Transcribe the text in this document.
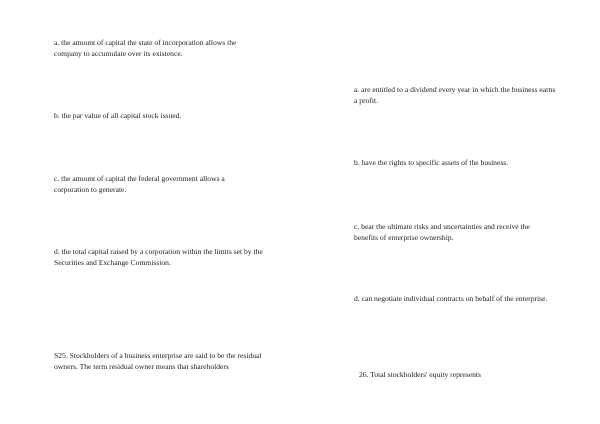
a. the amount of capital the state of incorporation allows the company to accumulate over its existence.

b. the par value of all capital stock issued.

c. the amount of capital the federal government allows a corporation to generate.

d. the total capital raised by a corporation within the limits set by the Securities and Exchange Commission.

S25. Stockholders of a business enterprise are said to be the residual owners. The term residual owner means that shareholders

a. are entitled to a dividend every year in which the business earns a profit.

b. have the rights to specific assets of the business.

c. bear the ultimate risks and uncertainties and receive the benefits of enterprise ownership.

d. can negotiate individual contracts on behalf of the enterprise.

26. Total stockholders' equity represents
